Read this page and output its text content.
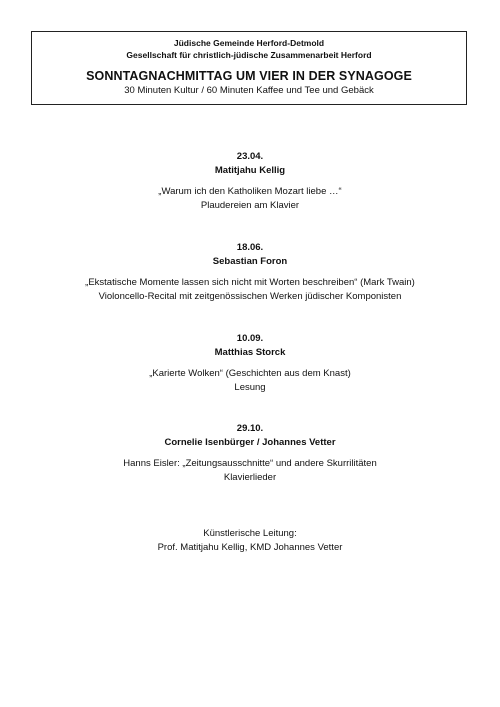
Jüdische Gemeinde Herford-Detmold
Gesellschaft für christlich-jüdische Zusammenarbeit Herford
SONNTAGNACHMITTAG UM VIER IN DER SYNAGOGE
30 Minuten Kultur / 60 Minuten Kaffee und Tee und Gebäck
23.04.
Matitjahu Kellig
„Warum ich den Katholiken Mozart liebe …“
Plaudereien am Klavier
18.06.
Sebastian Foron
„Ekstatische Momente lassen sich nicht mit Worten beschreiben“ (Mark Twain)
Violoncello-Recital mit zeitgenössischen Werken jüdischer Komponisten
10.09.
Matthias Storck
„Karierte Wolken“ (Geschichten aus dem Knast)
Lesung
29.10.
Cornelie Isenbürger / Johannes Vetter
Hanns Eisler: „Zeitungsausschnitte“ und andere Skurrilitäten
Klavierlieder
Künstlerische Leitung:
Prof. Matitjahu Kellig, KMD Johannes Vetter
